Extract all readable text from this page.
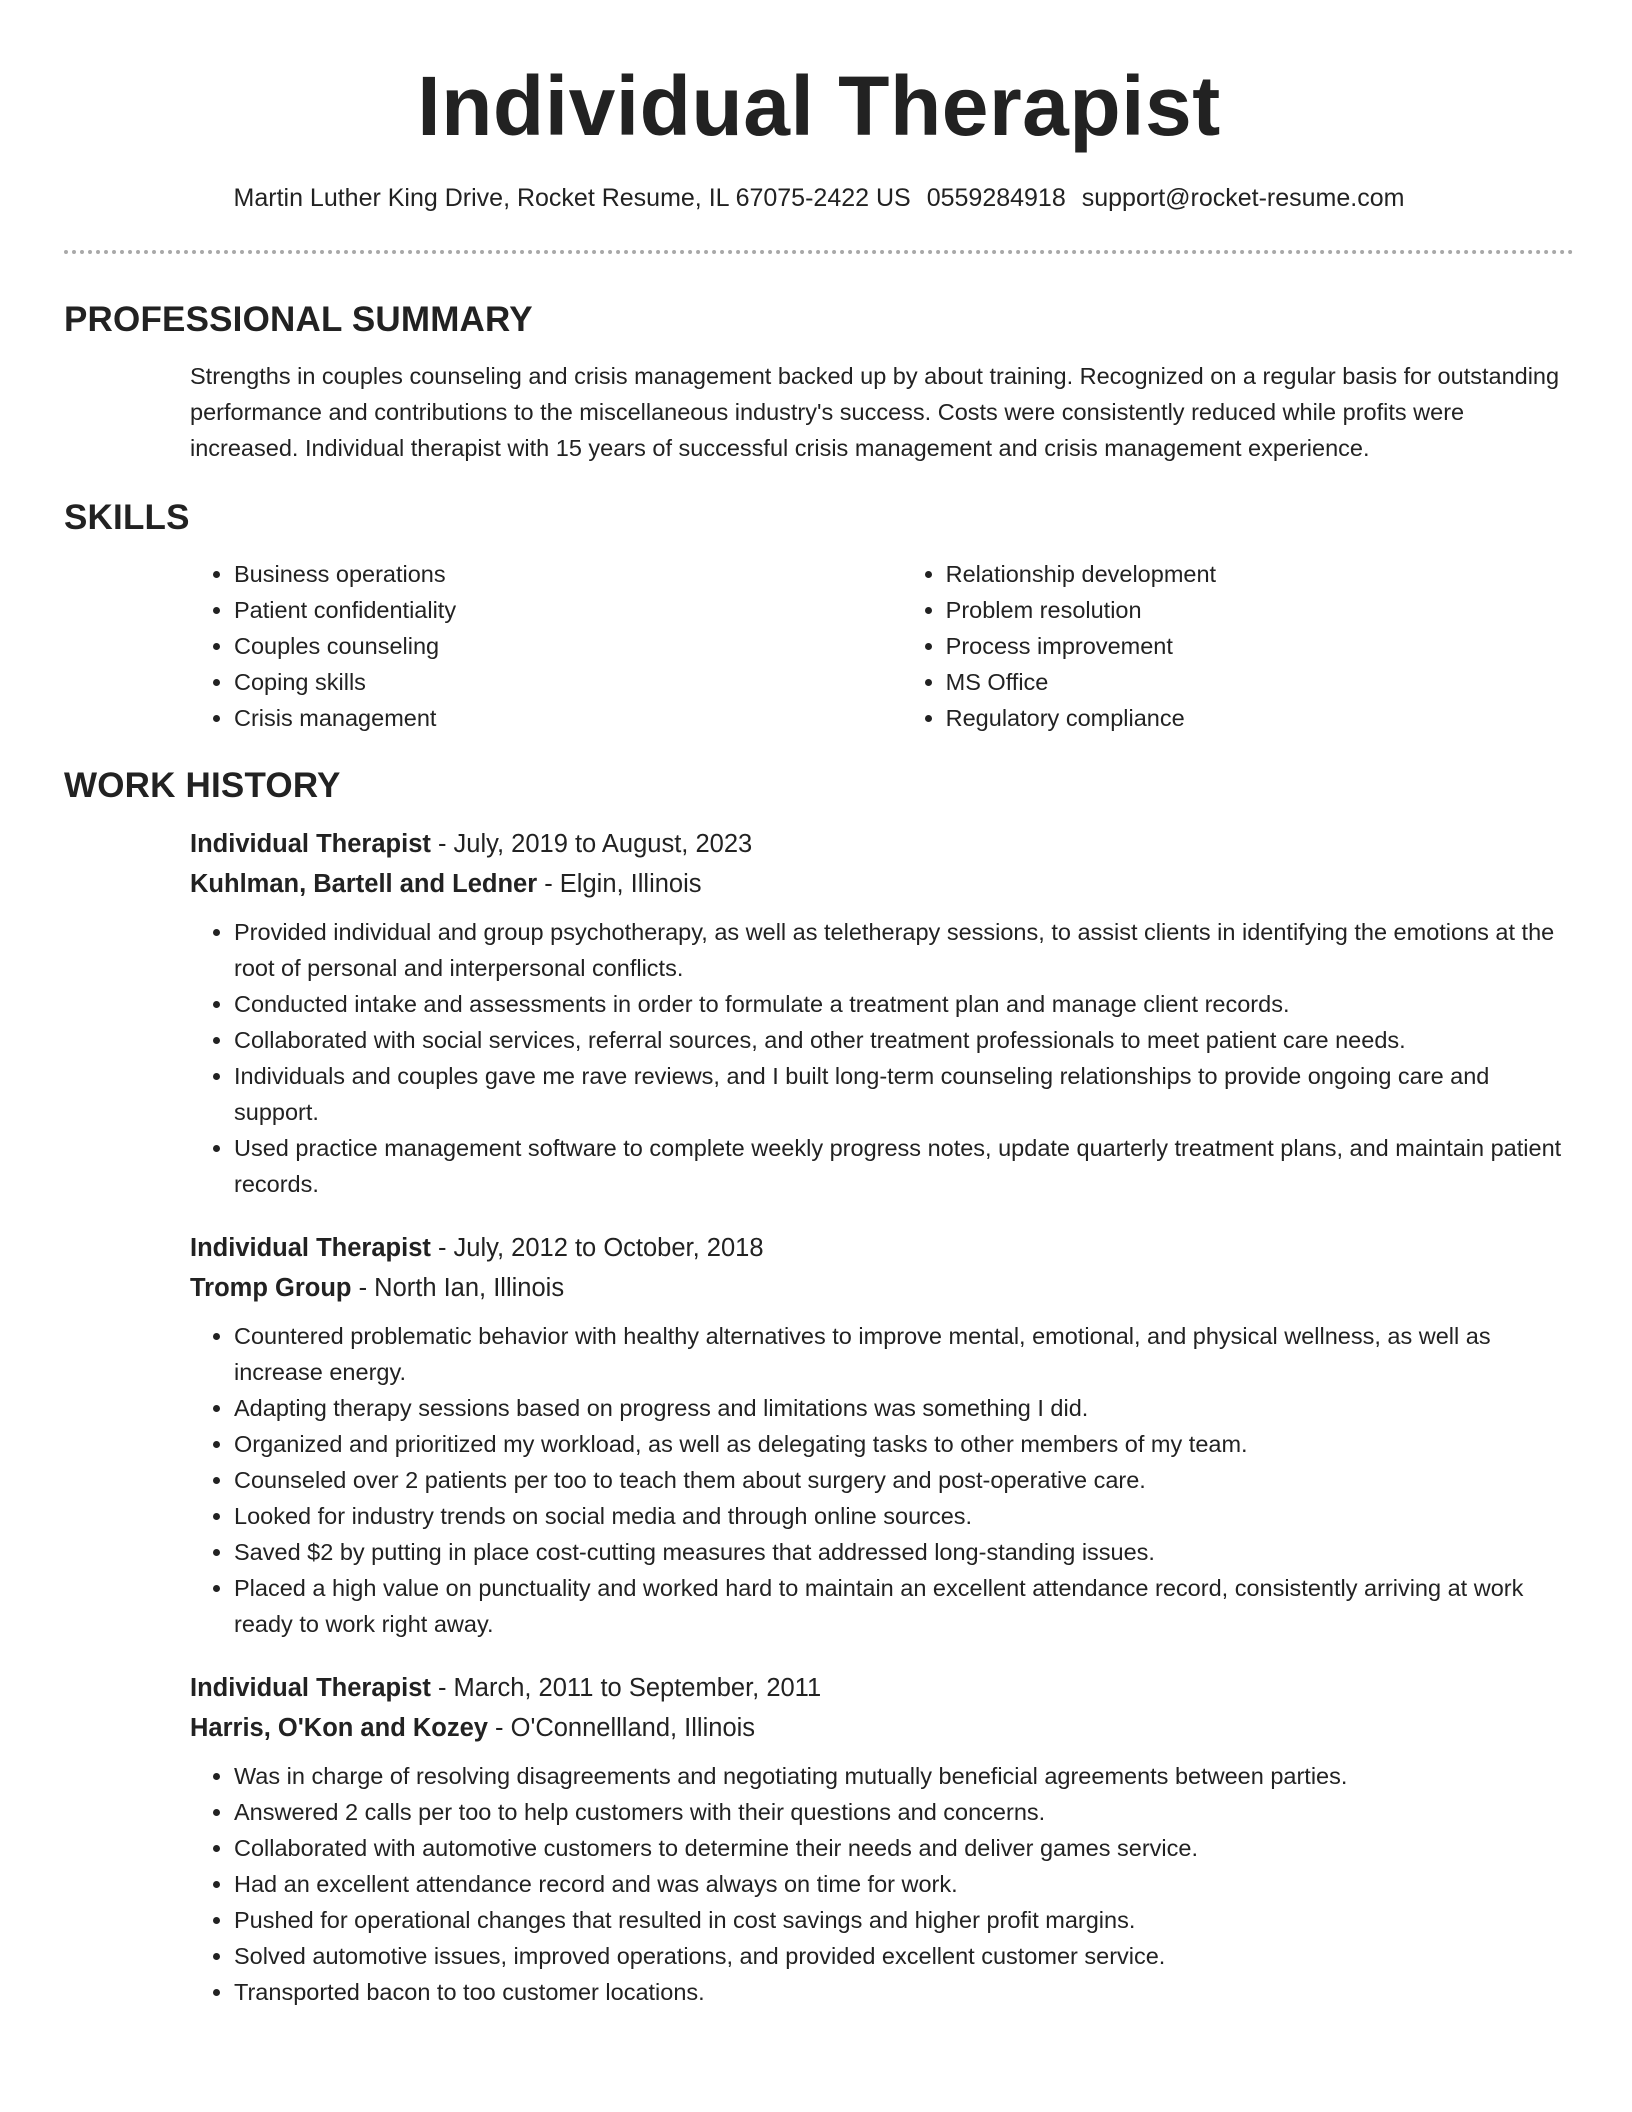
Individual Therapist
Martin Luther King Drive, Rocket Resume, IL 67075-2422 US 0559284918 support@rocket-resume.com
PROFESSIONAL SUMMARY

Strengths in couples counseling and crisis management backed up by about training. Recognized on a regular basis for outstanding performance and contributions to the miscellaneous industry's success. Costs were consistently reduced while profits were increased. Individual therapist with 15 years of successful crisis management and crisis management experience.

SKILLS
• Business operations
• Patient confidentiality
• Couples counseling
• Coping skills
• Crisis management
• Relationship development
• Problem resolution
• Process improvement
• MS Office
• Regulatory compliance
WORK HISTORY
Individual Therapist - July, 2019 to August, 2023
Kuhlman, Bartell and Ledner - Elgin, Illinois
• Provided individual and group psychotherapy, as well as teletherapy sessions, to assist clients in identifying the emotions at the root of personal and interpersonal conflicts.
• Conducted intake and assessments in order to formulate a treatment plan and manage client records.
• Collaborated with social services, referral sources, and other treatment professionals to meet patient care needs.
• Individuals and couples gave me rave reviews, and I built long-term counseling relationships to provide ongoing care and support.
• Used practice management software to complete weekly progress notes, update quarterly treatment plans, and maintain patient records.
Individual Therapist - July, 2012 to October, 2018
Tromp Group - North Ian, Illinois
• Countered problematic behavior with healthy alternatives to improve mental, emotional, and physical wellness, as well as increase energy.
• Adapting therapy sessions based on progress and limitations was something I did.
• Organized and prioritized my workload, as well as delegating tasks to other members of my team.
• Counseled over 2 patients per too to teach them about surgery and post-operative care.
• Looked for industry trends on social media and through online sources.
• Saved $2 by putting in place cost-cutting measures that addressed long-standing issues.
• Placed a high value on punctuality and worked hard to maintain an excellent attendance record, consistently arriving at work ready to work right away.
Individual Therapist - March, 2011 to September, 2011
Harris, O'Kon and Kozey - O'Connellland, Illinois
• Was in charge of resolving disagreements and negotiating mutually beneficial agreements between parties.
• Answered 2 calls per too to help customers with their questions and concerns.
• Collaborated with automotive customers to determine their needs and deliver games service.
• Had an excellent attendance record and was always on time for work.
• Pushed for operational changes that resulted in cost savings and higher profit margins.
• Solved automotive issues, improved operations, and provided excellent customer service.
• Transported bacon to too customer locations.
